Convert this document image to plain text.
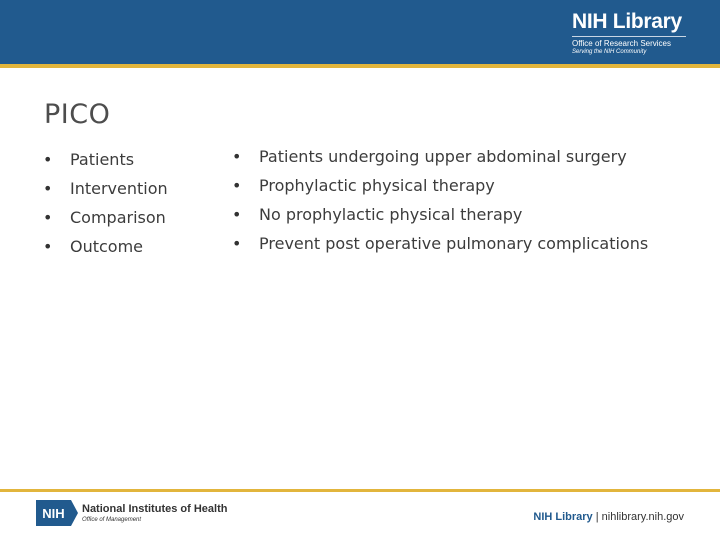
NIH Library
Office of Research Services
Serving the NIH Community
PICO
• Patients
• Intervention
• Comparison
• Outcome
• Patients undergoing upper abdominal surgery
• Prophylactic physical therapy
• No prophylactic physical therapy
• Prevent post operative pulmonary complications
NIH	National Institutes of Health
Office of Management	NIH Library | nihlibrary.nih.gov
